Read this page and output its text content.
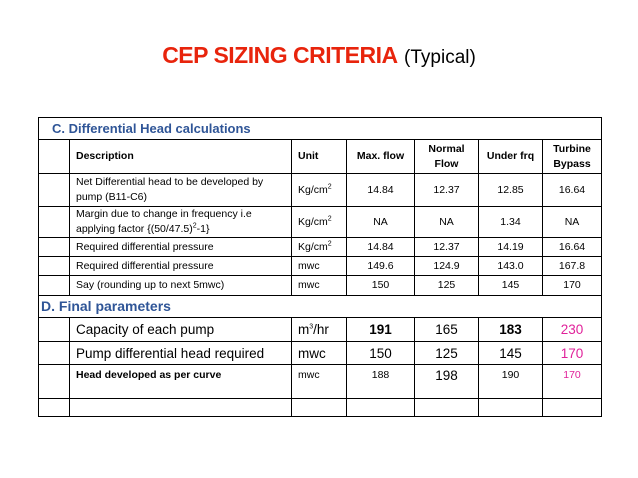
CEP SIZING CRITERIA (Typical)
C. Differential Head calculations						
	Description	Unit	Max. flow	Normal Flow	Under frq	Turbine Bypass
	Net Differential head to be developed by pump (B11-C6)	$Kg/cm^2$	14.84	12.37	12.85	16.64
	Margin due to change in frequency i.e applying factor $\{(50/47.5)^2-1\}$	$Kg/cm^2$	NA	NA	1.34	NA
	Required differential pressure	$Kg/cm^2$	14.84	12.37	14.19	16.64
	Required differential pressure	mwc	149.6	124.9	143.0	167.8
	Say (rounding up to next 5mwc)	mwc	150	125	145	170
D. Final parameters						
	Capacity of each pump	$m^3/hr$	191	165	183	230
	Pump differential head required	mwc	150	125	145	170
	Head developed as per curve	mwc	188	198	190	170
